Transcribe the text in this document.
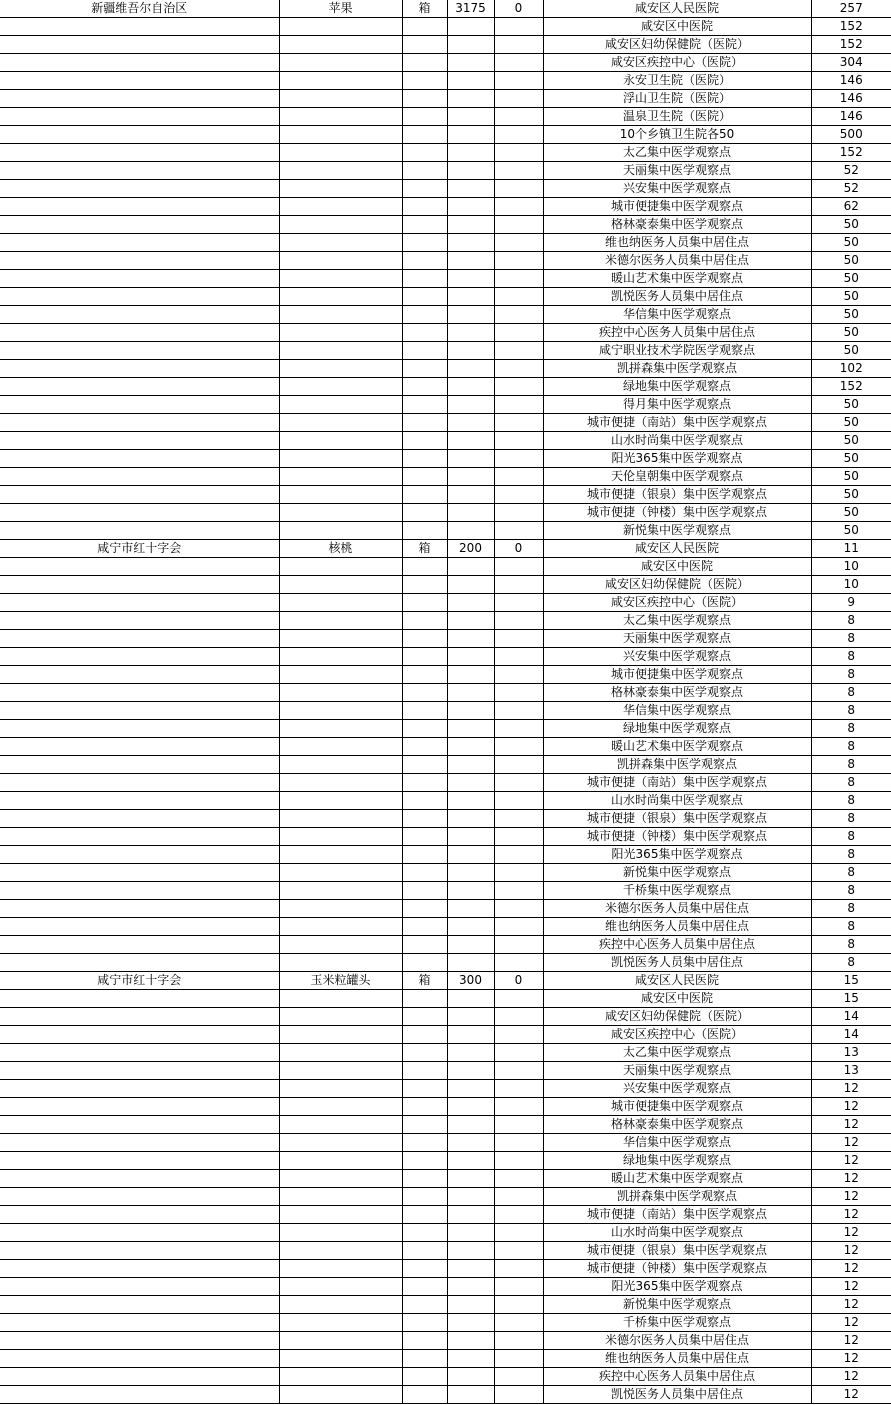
新疆维吾尔自治区	苹果	箱	3175	0	咸安区人民医院	257
					咸安区中医院	152
					咸安区妇幼保健院（医院）	152
					咸安区疾控中心（医院）	304
					永安卫生院（医院）	146
					浮山卫生院（医院）	146
					温泉卫生院（医院）	146
					10个乡镇卫生院各50	500
					太乙集中医学观察点	152
					天丽集中医学观察点	52
					兴安集中医学观察点	52
					城市便捷集中医学观察点	62
					格林豪泰集中医学观察点	50
					维也纳医务人员集中居住点	50
					米德尔医务人员集中居住点	50
					暖山艺术集中医学观察点	50
					凯悦医务人员集中居住点	50
					华信集中医学观察点	50
					疾控中心医务人员集中居住点	50
					咸宁职业技术学院医学观察点	50
					凯拼森集中医学观察点	102
					绿地集中医学观察点	152
					得月集中医学观察点	50
					城市便捷（南站）集中医学观察点	50
					山水时尚集中医学观察点	50
					阳光365集中医学观察点	50
					天伦皇朝集中医学观察点	50
					城市便捷（银泉）集中医学观察点	50
					城市便捷（钟楼）集中医学观察点	50
					新悦集中医学观察点	50
咸宁市红十字会	核桃	箱	200	0	咸安区人民医院	11
					咸安区中医院	10
					咸安区妇幼保健院（医院）	10
					咸安区疾控中心（医院）	9
					太乙集中医学观察点	8
					天丽集中医学观察点	8
					兴安集中医学观察点	8
					城市便捷集中医学观察点	8
					格林豪泰集中医学观察点	8
					华信集中医学观察点	8
					绿地集中医学观察点	8
					暖山艺术集中医学观察点	8
					凯拼森集中医学观察点	8
					城市便捷（南站）集中医学观察点	8
					山水时尚集中医学观察点	8
					城市便捷（银泉）集中医学观察点	8
					城市便捷（钟楼）集中医学观察点	8
					阳光365集中医学观察点	8
					新悦集中医学观察点	8
					千桥集中医学观察点	8
					米德尔医务人员集中居住点	8
					维也纳医务人员集中居住点	8
					疾控中心医务人员集中居住点	8
					凯悦医务人员集中居住点	8
咸宁市红十字会	玉米粒罐头	箱	300	0	咸安区人民医院	15
					咸安区中医院	15
					咸安区妇幼保健院（医院）	14
					咸安区疾控中心（医院）	14
					太乙集中医学观察点	13
					天丽集中医学观察点	13
					兴安集中医学观察点	12
					城市便捷集中医学观察点	12
					格林豪泰集中医学观察点	12
					华信集中医学观察点	12
					绿地集中医学观察点	12
					暖山艺术集中医学观察点	12
					凯拼森集中医学观察点	12
					城市便捷（南站）集中医学观察点	12
					山水时尚集中医学观察点	12
					城市便捷（银泉）集中医学观察点	12
					城市便捷（钟楼）集中医学观察点	12
					阳光365集中医学观察点	12
					新悦集中医学观察点	12
					千桥集中医学观察点	12
					米德尔医务人员集中居住点	12
					维也纳医务人员集中居住点	12
					疾控中心医务人员集中居住点	12
					凯悦医务人员集中居住点	12
